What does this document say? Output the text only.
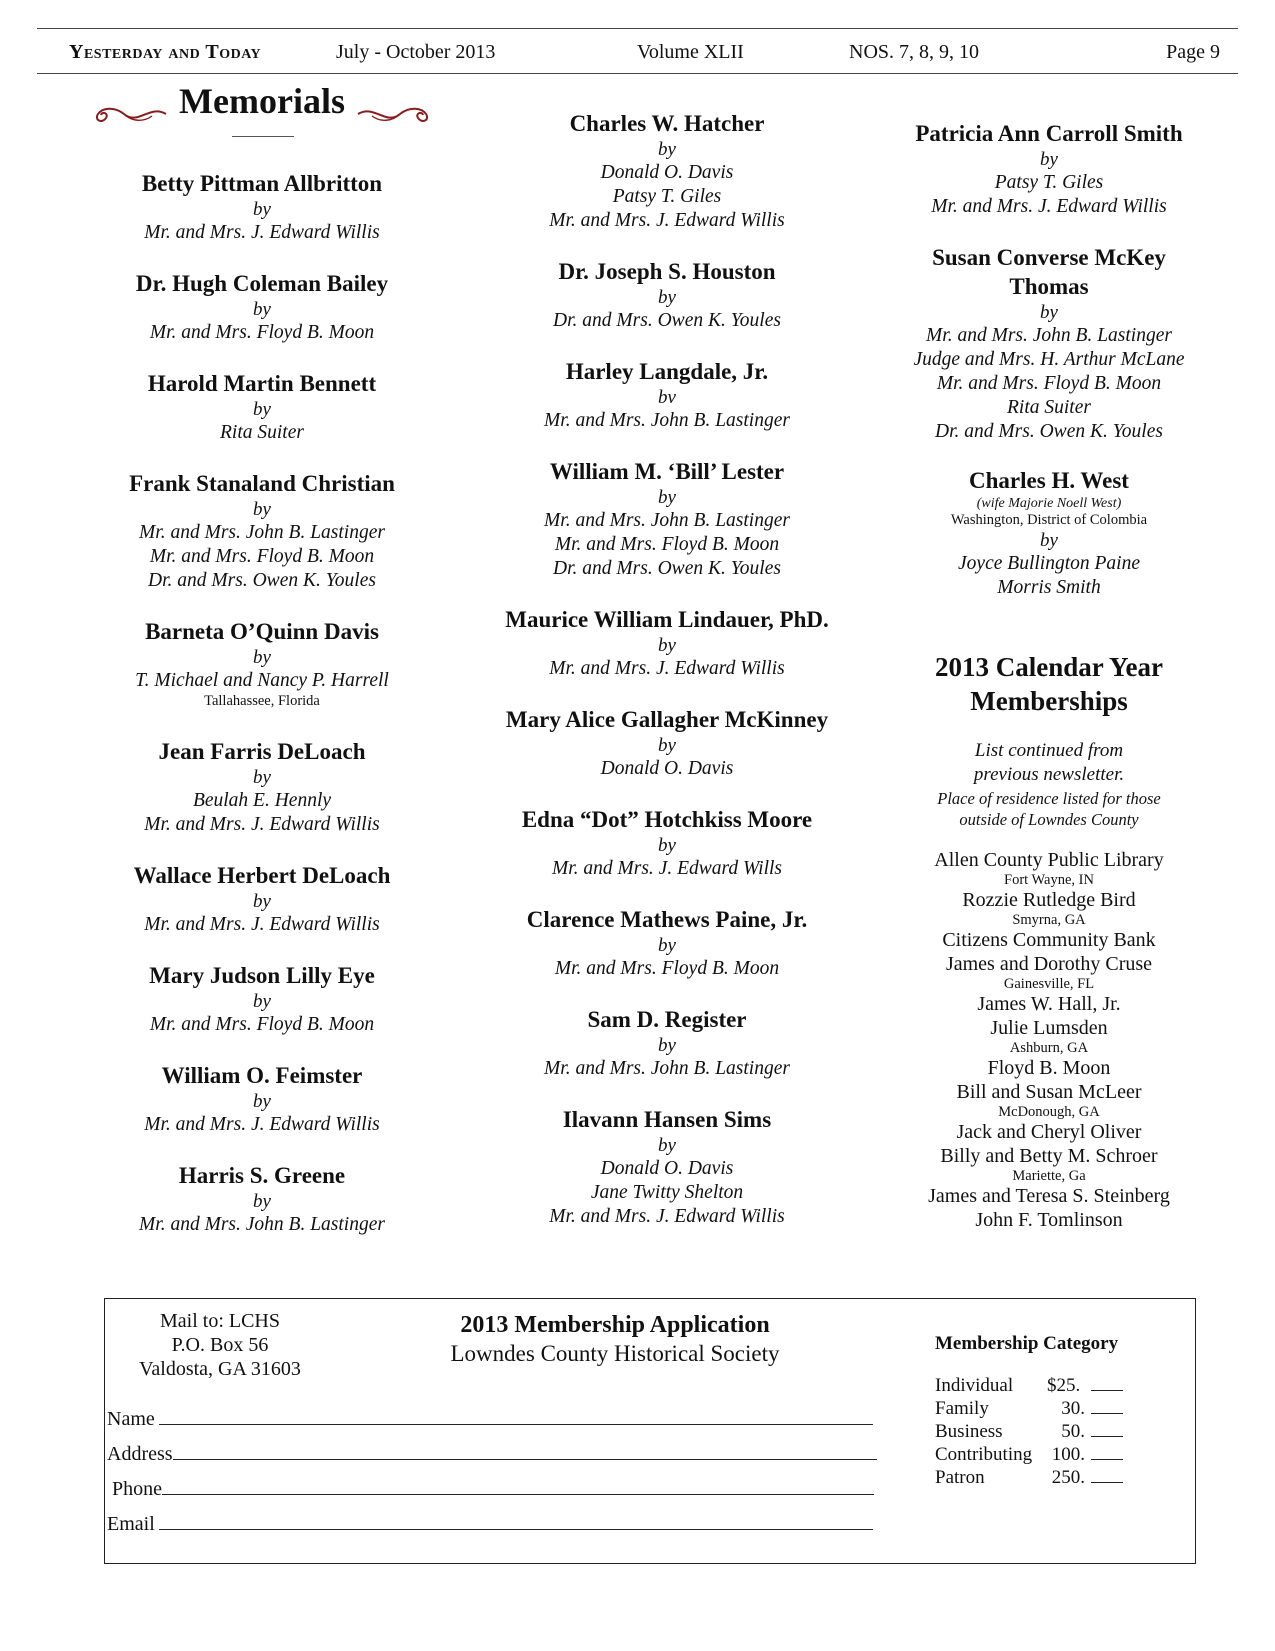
Yesterday and Today	July - October 2013	Volume XLII	NOS. 7, 8, 9, 10	Page 9
Memorials
Betty Pittman Allbritton
by
Mr. and Mrs. J. Edward Willis
Dr. Hugh Coleman Bailey
by
Mr. and Mrs. Floyd B. Moon
Harold Martin Bennett
by
Rita Suiter
Frank Stanaland Christian
by
Mr. and Mrs. John B. Lastinger
Mr. and Mrs. Floyd B. Moon
Dr. and Mrs. Owen K. Youles
Barneta O’Quinn Davis
by
T. Michael and Nancy P. Harrell
Tallahassee, Florida
Jean Farris DeLoach
by
Beulah E. Hennly
Mr. and Mrs. J. Edward Willis
Wallace Herbert DeLoach
by
Mr. and Mrs. J. Edward Willis
Mary Judson Lilly Eye
by
Mr. and Mrs. Floyd B. Moon
William O. Feimster
by
Mr. and Mrs. J. Edward Willis
Harris S. Greene
by
Mr. and Mrs. John B. Lastinger
Charles W. Hatcher
by
Donald O. Davis
Patsy T. Giles
Mr. and Mrs. J. Edward Willis
Dr. Joseph S. Houston
by
Dr. and Mrs. Owen K. Youles
Harley Langdale, Jr.
bv
Mr. and Mrs. John B. Lastinger
William M. ‘Bill’ Lester
by
Mr. and Mrs. John B. Lastinger
Mr. and Mrs. Floyd B. Moon
Dr. and Mrs. Owen K. Youles
Maurice William Lindauer, PhD.
by
Mr. and Mrs. J. Edward Willis
Mary Alice Gallagher McKinney
by
Donald O. Davis
Edna “Dot” Hotchkiss Moore
by
Mr. and Mrs. J. Edward Wills
Clarence Mathews Paine, Jr.
by
Mr. and Mrs. Floyd B. Moon
Sam D. Register
by
Mr. and Mrs. John B. Lastinger
Ilavann Hansen Sims
by
Donald O. Davis
Jane Twitty Shelton
Mr. and Mrs. J. Edward Willis
Patricia Ann Carroll Smith
by
Patsy T. Giles
Mr. and Mrs. J. Edward Willis
Susan Converse McKey
Thomas
by
Mr. and Mrs. John B. Lastinger
Judge and Mrs. H. Arthur McLane
Mr. and Mrs. Floyd B. Moon
Rita Suiter
Dr. and Mrs. Owen K. Youles
Charles H. West
(wife Majorie Noell West)
Washington, District of Colombia
by
Joyce Bullington Paine
Morris Smith
2013 Calendar Year
Memberships
List continued from
previous newsletter.
Place of residence listed for those
outside of Lowndes County
Allen County Public Library
Fort Wayne, IN
Rozzie Rutledge Bird
Smyrna, GA
Citizens Community Bank
James and Dorothy Cruse
Gainesville, FL
James W. Hall, Jr.
Julie Lumsden
Ashburn, GA
Floyd B. Moon
Bill and Susan McLeer
McDonough, GA
Jack and Cheryl Oliver
Billy and Betty M. Schroer
Mariette, Ga
James and Teresa S. Steinberg
John F. Tomlinson
Mail to: LCHS
P.O. Box 56
Valdosta, GA 31603
2013 Membership Application
Lowndes County Historical Society
Name
Address
Phone
Email
Membership Category
Individual $25.
Family	30.
Business	50.
Contributing 100.
Patron	250.
